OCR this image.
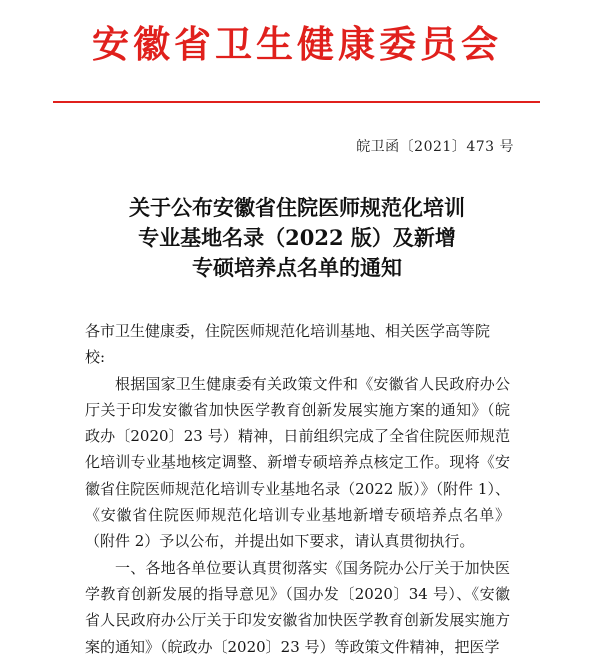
安徽省卫生健康委员会
皖卫函〔2021〕473 号
关于公布安徽省住院医师规范化培训
专业基地名录（2022 版）及新增
专硕培养点名单的通知

各市卫生健康委，住院医师规范化培训基地、相关医学高等院校:

根据国家卫生健康委有关政策文件和《安徽省人民政府办公厅关于印发安徽省加快医学教育创新发展实施方案的通知》（皖政办〔2020〕23 号）精神，日前组织完成了全省住院医师规范化培训专业基地核定调整、新增专硕培养点核定工作。现将《安徽省住院医师规范化培训专业基地名录（2022 版）》（附件 1）、《安徽省住院医师规范化培训专业基地新增专硕培养点名单》（附件 2）予以公布，并提出如下要求，请认真贯彻执行。

一、各地各单位要认真贯彻落实《国务院办公厅关于加快医学教育创新发展的指导意见》（国办发〔2020〕34 号）、《安徽省人民政府办公厅关于印发安徽省加快医学教育创新发展实施方案的通知》（皖政办〔2020〕23 号）等政策文件精神，把医学
